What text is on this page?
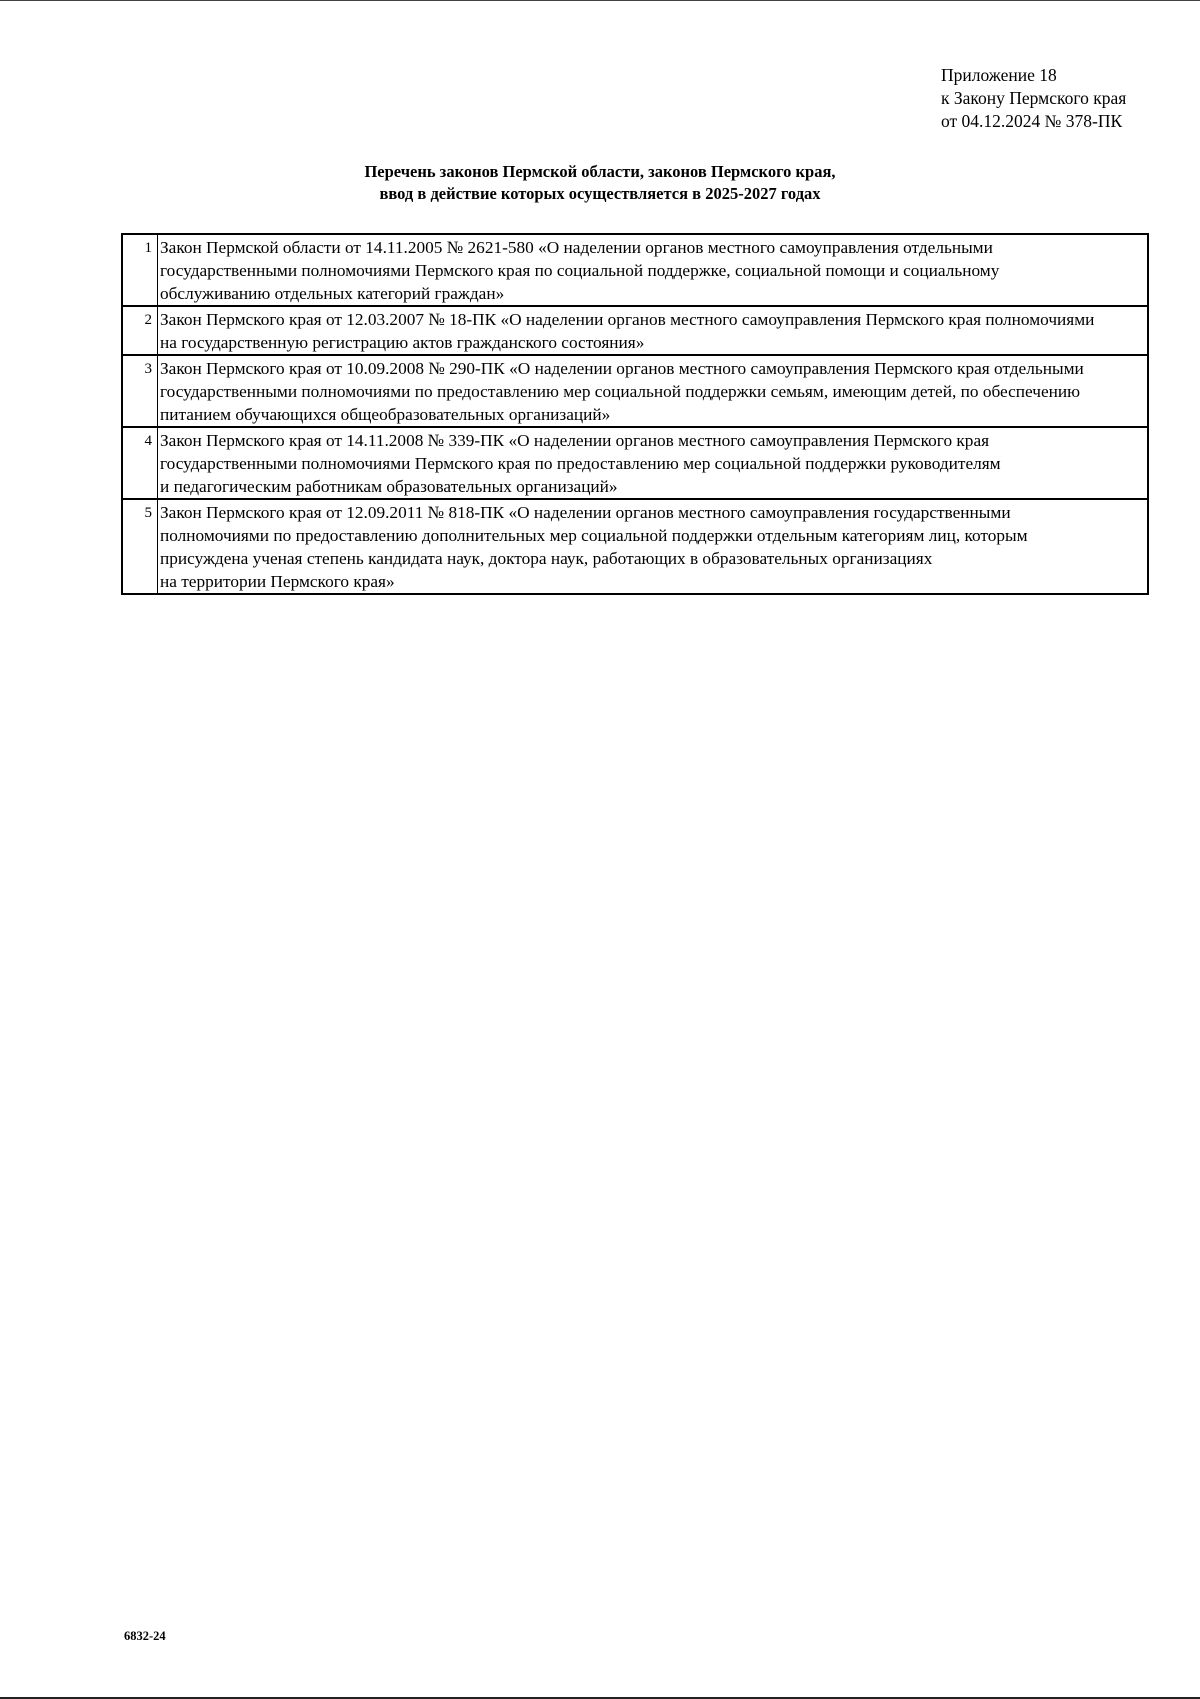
Приложение 18
к Закону Пермского края
от 04.12.2024 № 378-ПК
Перечень законов Пермской области, законов Пермского края,
ввод в действие которых осуществляется в 2025-2027 годах
1	Закон Пермской области от 14.11.2005 № 2621-580 «О наделении органов местного самоуправления отдельными
государственными полномочиями Пермского края по социальной поддержке, социальной помощи и социальному
обслуживанию отдельных категорий граждан»

2	Закон Пермского края от 12.03.2007 № 18-ПК «О наделении органов местного самоуправления Пермского края полномочиями
на государственную регистрацию актов гражданского состояния»

3	Закон Пермского края от 10.09.2008 № 290-ПК «О наделении органов местного самоуправления Пермского края отдельными
государственными полномочиями по предоставлению мер социальной поддержки семьям, имеющим детей, по обеспечению
питанием обучающихся общеобразовательных организаций»

4	Закон Пермского края от 14.11.2008 № 339-ПК «О наделении органов местного самоуправления Пермского края
государственными полномочиями Пермского края по предоставлению мер социальной поддержки руководителям
и педагогическим работникам образовательных организаций»

5	Закон Пермского края от 12.09.2011 № 818-ПК «О наделении органов местного самоуправления государственными
полномочиями по предоставлению дополнительных мер социальной поддержки отдельным категориям лиц, которым
присуждена ученая степень кандидата наук, доктора наук, работающих в образовательных организациях
на территории Пермского края»
6832-24
